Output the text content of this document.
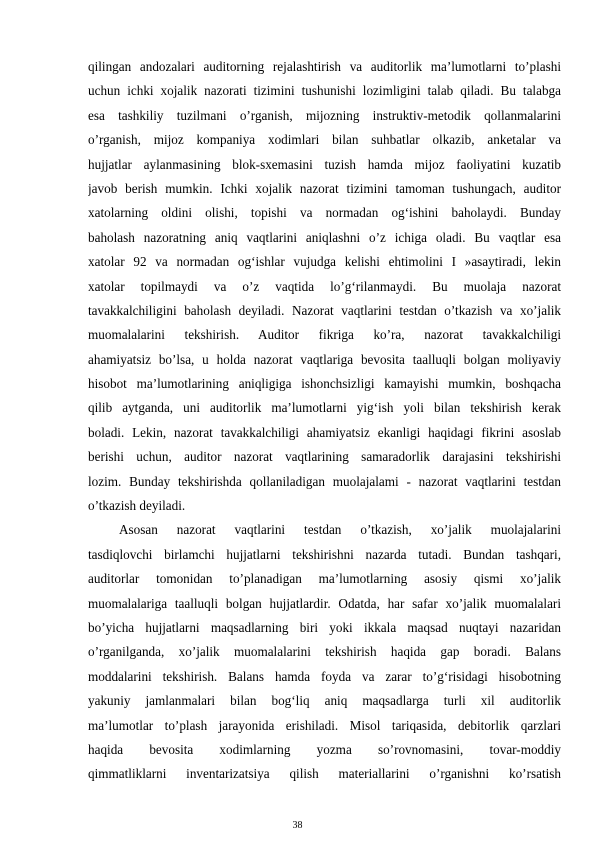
qilingan andozalari auditorning rejalashtirish va auditorlik ma’lumotlarni to’plashi
uchun ichki xojalik nazorati tizimini tushunishi lozimligini talab qiladi. Bu talabga
esa tashkiliy tuzilmani o’rganish, mijozning instruktiv-metodik qollanmalarini
o’rganish, mijoz kompaniya xodimlari bilan suhbatlar olkazib, anketalar va
hujjatlar aylanmasining blok-sxemasini tuzish hamda mijoz faoliyatini kuzatib
javob berish mumkin. Ichki xojalik nazorat tizimini tamoman tushungach, auditor
xatolarning oldini olishi, topishi va normadan og‘ishini baholaydi. Bunday
baholash nazoratning aniq vaqtlarini aniqlashni o’z ichiga oladi. Bu vaqtlar esa
xatolar 92 va normadan og‘ishlar vujudga kelishi ehtimolini I »asaytiradi, lekin
xatolar topilmaydi va o’z vaqtida lo’g‘rilanmaydi. Bu muolaja nazorat
tavakkalchiligini baholash deyiladi. Nazorat vaqtlarini testdan o’tkazish va xo’jalik
muomalalarini tekshirish. Auditor fikriga ko’ra, nazorat tavakkalchiligi
ahamiyatsiz bo’lsa, u holda nazorat vaqtlariga bevosita taalluqli bolgan moliyaviy
hisobot ma’lumotlarining aniqligiga ishonchsizligi kamayishi mumkin, boshqacha
qilib aytganda, uni auditorlik ma’lumotlarni yig‘ish yoli bilan tekshirish kerak
boladi. Lekin, nazorat tavakkalchiligi ahamiyatsiz ekanligi haqidagi fikrini asoslab
berishi uchun, auditor nazorat vaqtlarining samaradorlik darajasini tekshirishi
lozim. Bunday tekshirishda qollaniladigan muolajalami - nazorat vaqtlarini testdan
o’tkazish deyiladi.
Asosan nazorat vaqtlarini testdan o’tkazish, xo’jalik muolajalarini
tasdiqlovchi birlamchi hujjatlarni tekshirishni nazarda tutadi. Bundan tashqari,
auditorlar tomonidan to’planadigan ma’lumotlarning asosiy qismi xo’jalik
muomalalariga taalluqli bolgan hujjatlardir. Odatda, har safar xo’jalik muomalalari
bo’yicha hujjatlarni maqsadlarning biri yoki ikkala maqsad nuqtayi nazaridan
o’rganilganda, xo’jalik muomalalarini tekshirish haqida gap boradi. Balans
moddalarini tekshirish. Balans hamda foyda va zarar to’g‘risidagi hisobotning
yakuniy jamlanmalari bilan bog‘liq aniq maqsadlarga turli xil auditorlik
ma’lumotlar to’plash jarayonida erishiladi. Misol tariqasida, debitorlik qarzlari
haqida bevosita xodimlarning yozma so’rovnomasini, tovar-moddiy
qimmatliklarni inventarizatsiya qilish materiallarini o’rganishni ko’rsatish
38
